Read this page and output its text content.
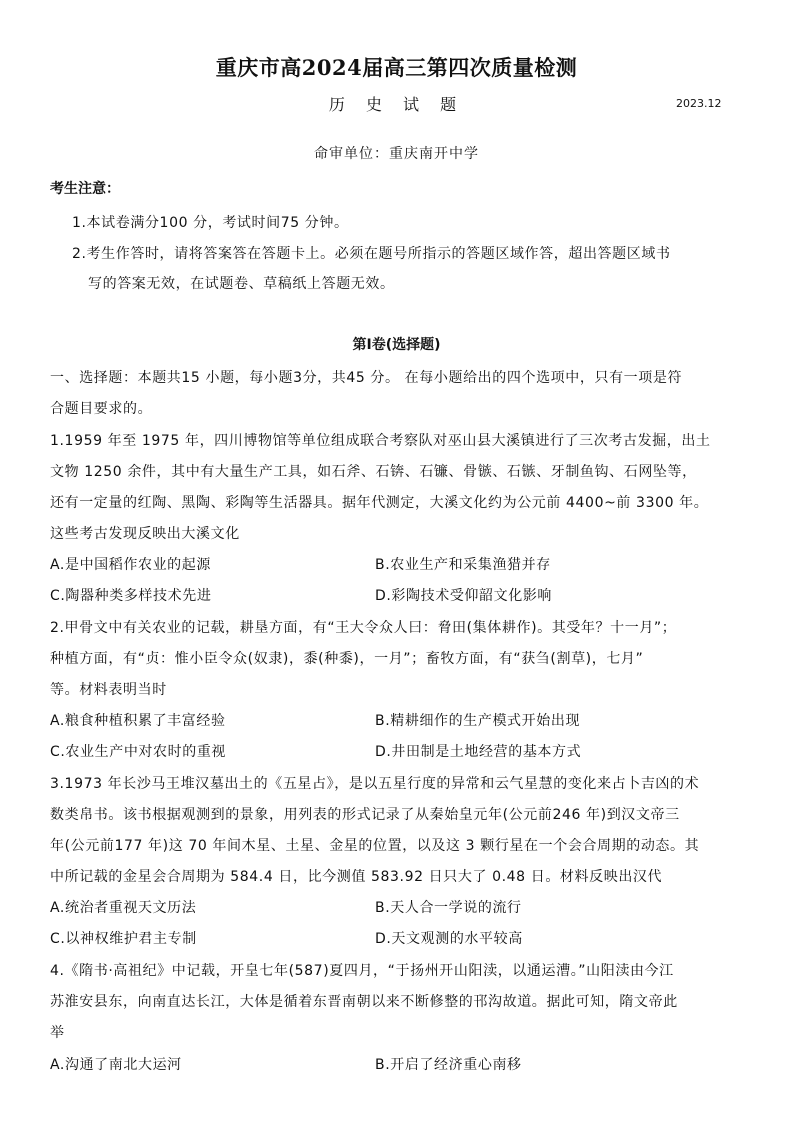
重庆市高2024届高三第四次质量检测
历 史 试 题	2023.12
命审单位：重庆南开中学
考生注意：
1.本试卷满分100 分，考试时间75 分钟。
2.考生作答时，请将答案答在答题卡上。必须在题号所指示的答题区域作答，超出答题区域书
写的答案无效，在试题卷、草稿纸上答题无效。
第Ⅰ卷(选择题)
一、选择题：本题共15 小题，每小题3分，共45 分。 在每小题给出的四个选项中，只有一项是符
合题目要求的。
1.1959 年至 1975 年，四川博物馆等单位组成联合考察队对巫山县大溪镇进行了三次考古发掘，出土
文物 1250 余件，其中有大量生产工具，如石斧、石锛、石镰、骨镞、石镞、牙制鱼钩、石网坠等，
还有一定量的红陶、黑陶、彩陶等生活器具。据年代测定，大溪文化约为公元前 4400~前 3300 年。
这些考古发现反映出大溪文化
A.是中国稻作农业的起源	B.农业生产和采集渔猎并存
C.陶器种类多样技术先进	D.彩陶技术受仰韶文化影响
2.甲骨文中有关农业的记载，耕垦方面，有“王大令众人曰：脅田(集体耕作)。其受年？十一月”；
种植方面，有“贞：惟小臣令众(奴隶)，黍(种黍)，一月”；畜牧方面，有“获刍(割草)，七月”
等。材料表明当时
A.粮食种植积累了丰富经验	B.精耕细作的生产模式开始出现
C.农业生产中对农时的重视	D.井田制是土地经营的基本方式
3.1973 年长沙马王堆汉墓出土的《五星占》，是以五星行度的异常和云气星慧的变化来占卜吉凶的术
数类帛书。该书根据观测到的景象，用列表的形式记录了从秦始皇元年(公元前246 年)到汉文帝三
年(公元前177 年)这 70 年间木星、土星、金星的位置，以及这 3 颗行星在一个会合周期的动态。其
中所记载的金星会合周期为 584.4 日，比今测值 583.92 日只大了 0.48 日。材料反映出汉代
A.统治者重视天文历法	B.天人合一学说的流行
C.以神权维护君主专制	D.天文观测的水平较高
4.《隋书·高祖纪》中记载，开皇七年(587)夏四月，“于扬州开山阳渎，以通运漕。”山阳渎由今江
苏淮安县东，向南直达长江，大体是循着东晋南朝以来不断修整的邗沟故道。据此可知，隋文帝此
举
A.沟通了南北大运河	B.开启了经济重心南移
